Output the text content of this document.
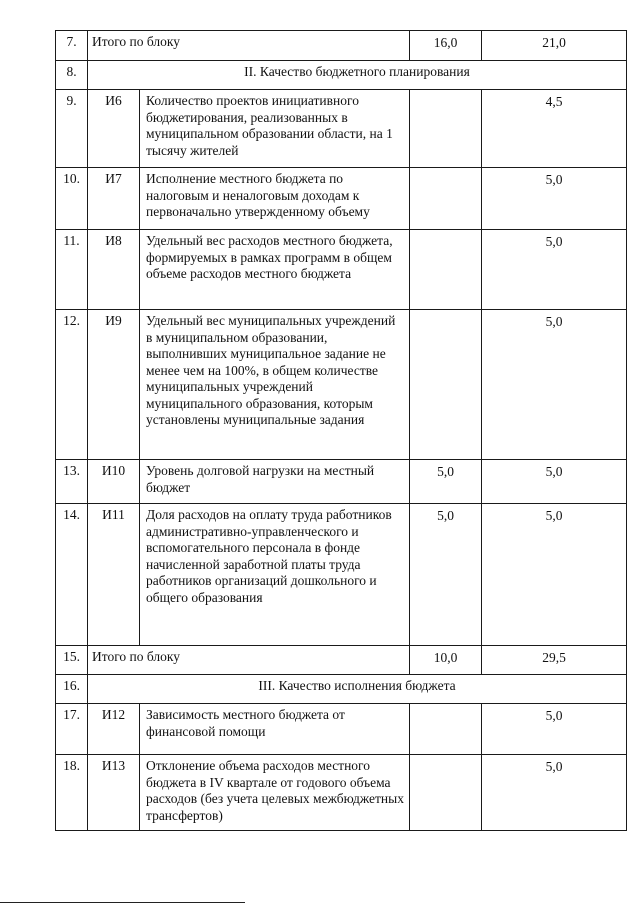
7.	Итого по блоку		16,0	21,0
8.	II. Качество бюджетного планирования			
9.	И6	Количество проектов инициативного бюджетирования, реализованных в муниципальном образовании области, на 1 тысячу жителей		4,5
10.	И7	Исполнение местного бюджета по налоговым и неналоговым доходам к первоначально утвержденному объему		5,0
11.	И8	Удельный вес расходов местного бюджета, формируемых в рамках программ в общем объеме расходов местного бюджета		5,0
12.	И9	Удельный вес муниципальных учреждений в муниципальном образовании, выполнивших муниципальное задание не менее чем на 100%, в общем количестве муниципальных учреждений муниципального образования, которым установлены муниципальные задания		5,0
13.	И10	Уровень долговой нагрузки на местный бюджет	5,0	5,0
14.	И11	Доля расходов на оплату труда работников административно-управленческого и вспомогательного персонала в фонде начисленной заработной платы труда работников организаций дошкольного и общего образования	5,0	5,0
15.	Итого по блоку		10,0	29,5
16.	III. Качество исполнения бюджета			
17.	И12	Зависимость местного бюджета от финансовой помощи		5,0
18.	И13	Отклонение объема расходов местного бюджета в IV квартале от годового объема расходов (без учета целевых межбюджетных трансфертов)		5,0
